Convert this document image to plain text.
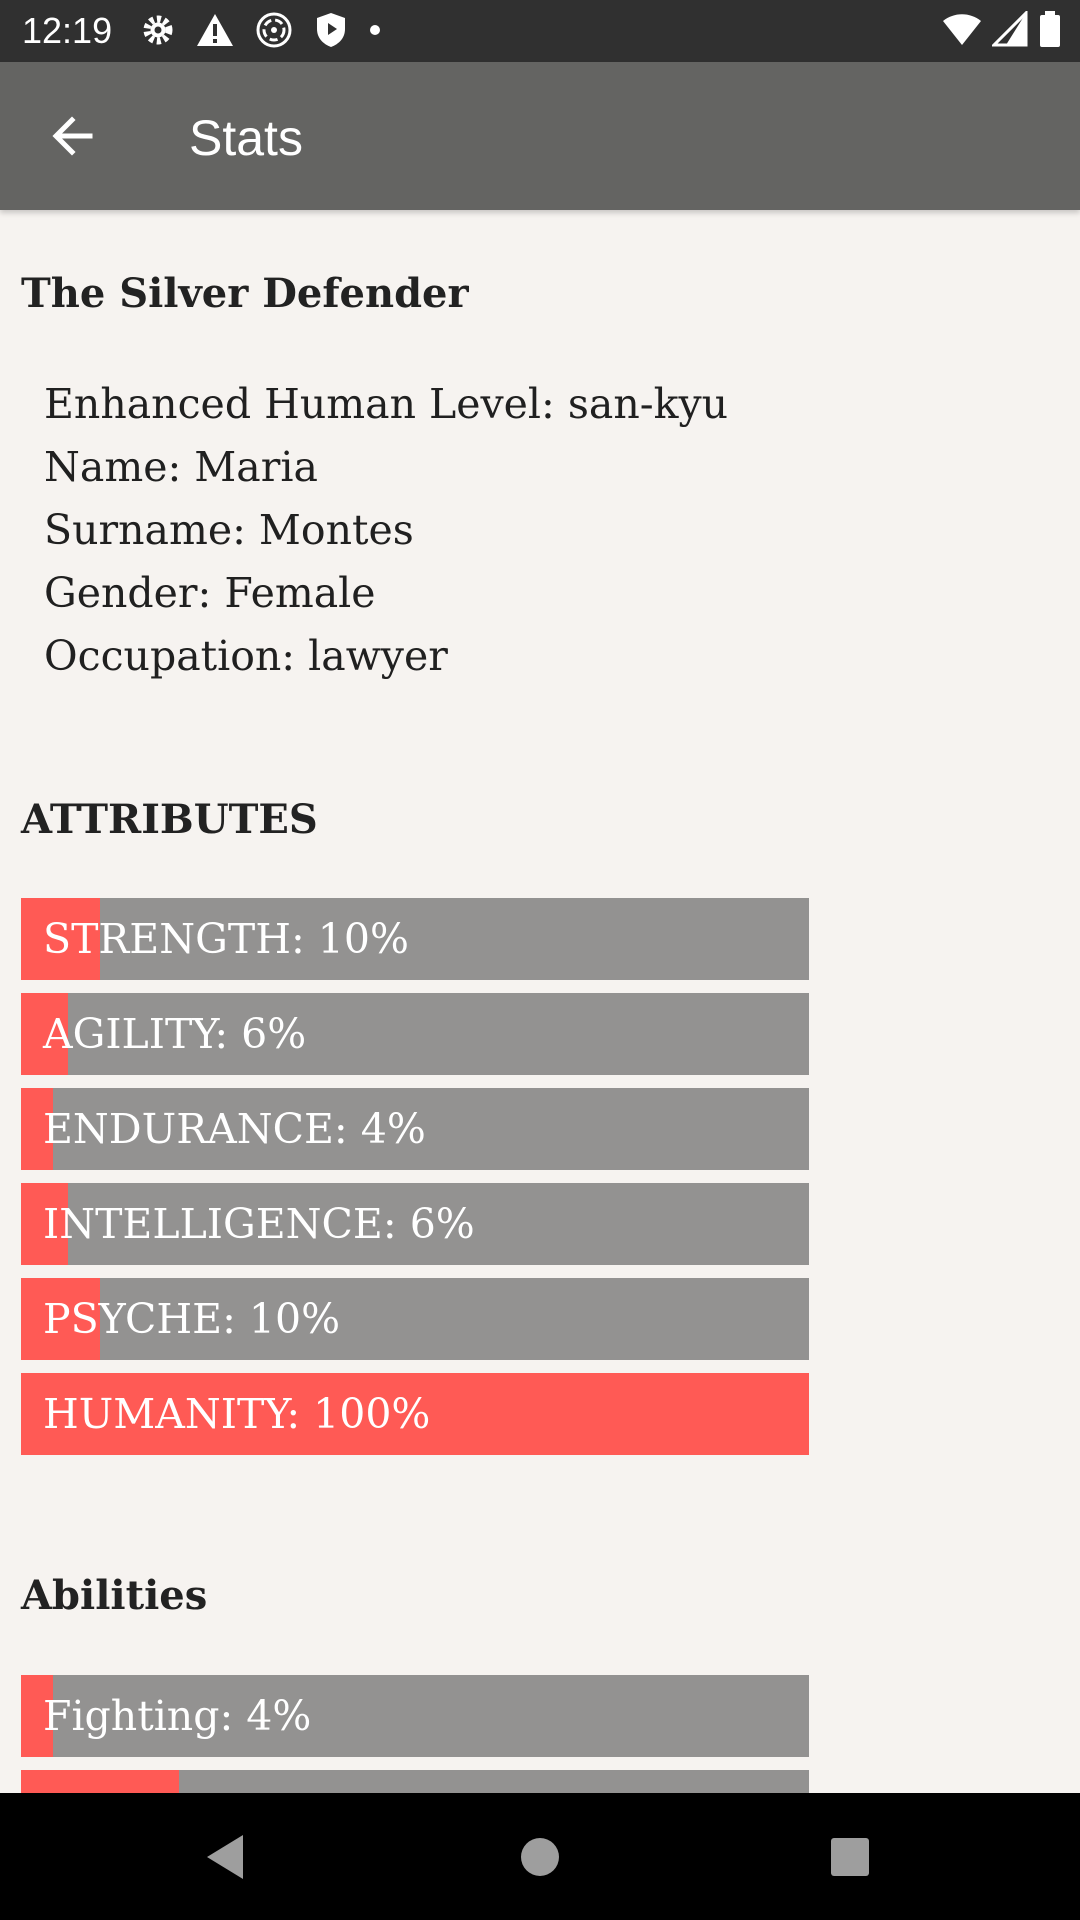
12:19
Stats
The Silver Defender
Enhanced Human Level: san-kyu
Name: Maria
Surname: Montes
Gender: Female
Occupation: lawyer
ATTRIBUTES
STRENGTH: 10%
AGILITY: 6%
ENDURANCE: 4%
INTELLIGENCE: 6%
PSYCHE: 10%
HUMANITY: 100%
Abilities
Fighting: 4%
